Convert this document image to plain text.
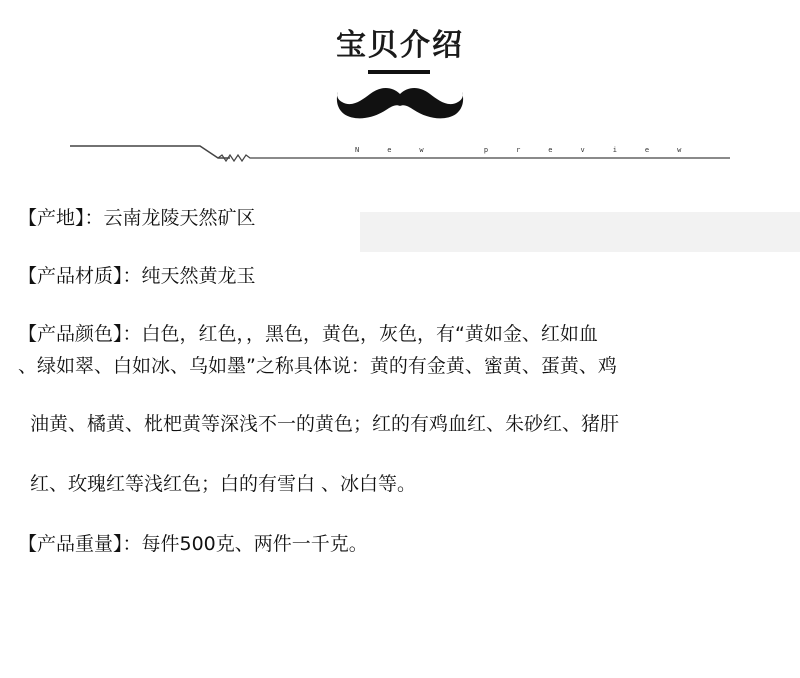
宝贝介绍
New preview
【产地】：云南龙陵天然矿区
【产品材质】：纯天然黄龙玉
【产品颜色】：白色，红色，，黑色，黄色，灰色，有“黄如金、红如血
、绿如翠、白如冰、乌如墨”之称具体说：黄的有金黄、蜜黄、蛋黄、鸡
油黄、橘黄、枇杷黄等深浅不一的黄色；红的有鸡血红、朱砂红、猪肝
红、玫瑰红等浅红色；白的有雪白 、冰白等。
【产品重量】：每件500克、两件一千克。
